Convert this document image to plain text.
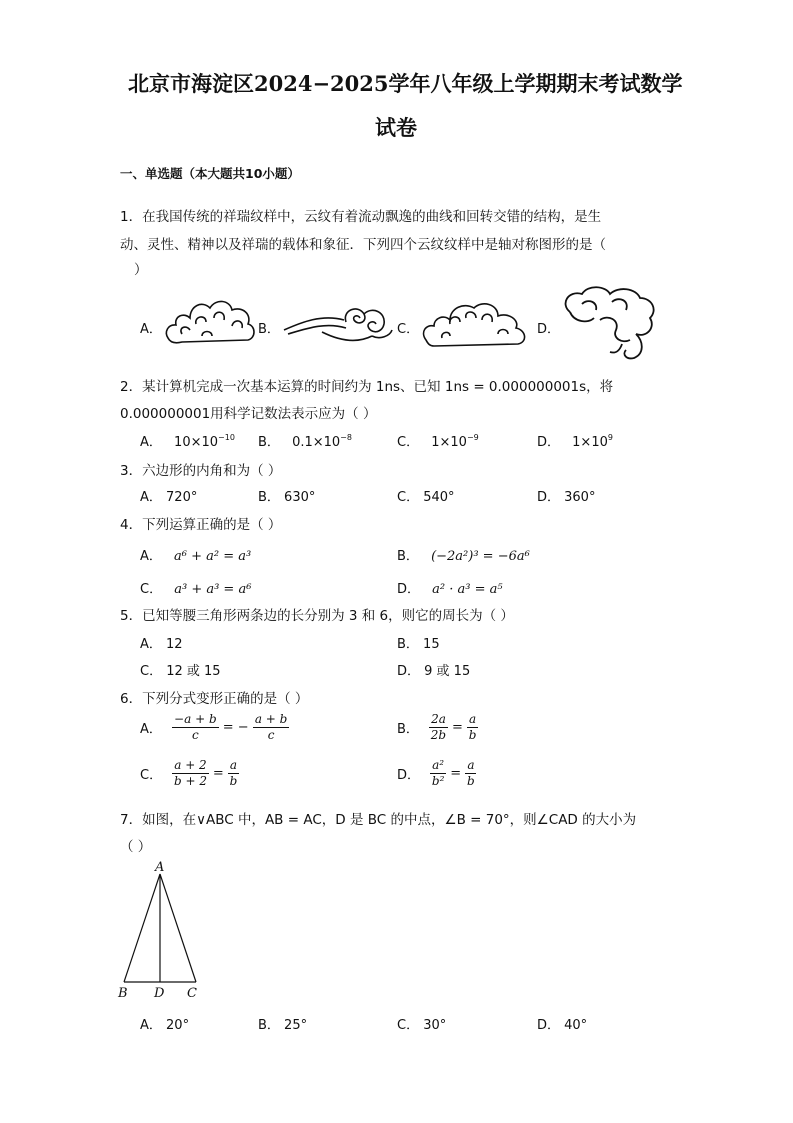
北京市海淀区2024−2025学年八年级上学期期末考试数学
试卷
一、单选题（本大题共10小题）
1．在我国传统的祥瑞纹样中，云纹有着流动飘逸的曲线和回转交错的结构，是生
动、灵性、精神以及祥瑞的载体和象征．下列四个云纹纹样中是轴对称图形的是（
）
A．	B．	C．	D．
2．某计算机完成一次基本运算的时间约为 1ns、已知 1ns = 0.000000001s，将
0.000000001用科学记数法表示应为（ ）
A． $10\times 10^{-10}$ B． $0.1\times 10^{-8}$	C． $1\times 10^{-9}$	D． $1\times 10^9$
3．六边形的内角和为（ ）
A． 720°	B． 630°	C． 540°	D． 360°
4．下列运算正确的是（ ）
A． a⁶ + a² = a³	B． (−2a²)³ = −6a⁶
C． a³ + a³ = a⁶	D． a² · a³ = a⁵
5．已知等腰三角形两条边的长分别为 3 和 6，则它的周长为（ ）
A． 12	B． 15
C． 12 或 15	D． 9 或 15
6．下列分式变形正确的是（ ）
A． $\frac{-a + b}{c}$ = − $\frac{a + b}{c}$	B． $\frac{2a}{2b} = \frac{a}{b}$
C． $\frac{a + 2}{b + 2} = \frac{a}{b}$	D． $\frac{\text{a²}}{\text{b²}} = \frac{a}{b}$
7．如图，在∨ABC 中，AB = AC，D 是 BC 的中点，∠B = 70°，则∠CAD 的大小为
（ ）
A
B D C
A． 20°	B． 25°	C． 30°	D． 40°
